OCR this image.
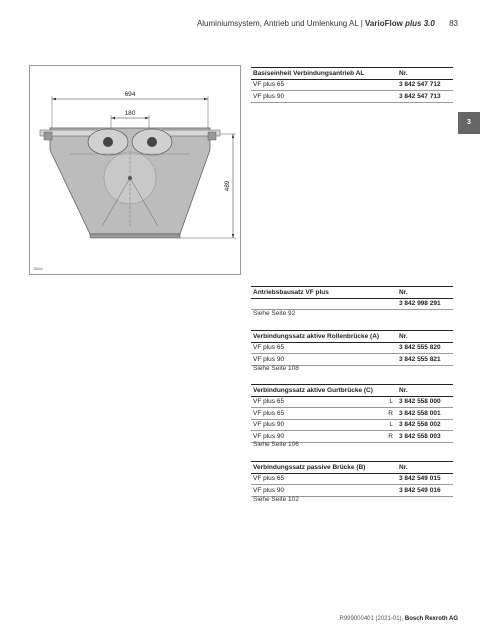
Aluminiumsystem, Antrieb und Umlenkung AL | VarioFlow plus 3.0 83
3
694
180
489
28604
Basiseinheit Verbindungsantrieb AL	Nr.
VF plus 65	3 842 547 712
VF plus 90	3 842 547 713
Antriebsbausatz VF plus	Nr.
	3 842 998 291
Siehe Seite 92
Verbindungssatz aktive Rollenbrücke (A)	Nr.
VF plus 65	3 842 555 820
VF plus 90	3 842 555 821
Siehe Seite 108
Verbindungssatz aktive Gurtbrücke (C)		Nr.
VF plus 65	L	3 842 558 000
VF plus 65	R	3 842 558 001
VF plus 90	L	3 842 558 002
VF plus 90	R	3 842 558 003
Siehe Seite 106
Verbindungssatz passive Brücke (B)	Nr.
VF plus 65	3 842 549 015
VF plus 90	3 842 549 016
Siehe Seite 102
R999000401 (2021-01), Bosch Rexroth AG
